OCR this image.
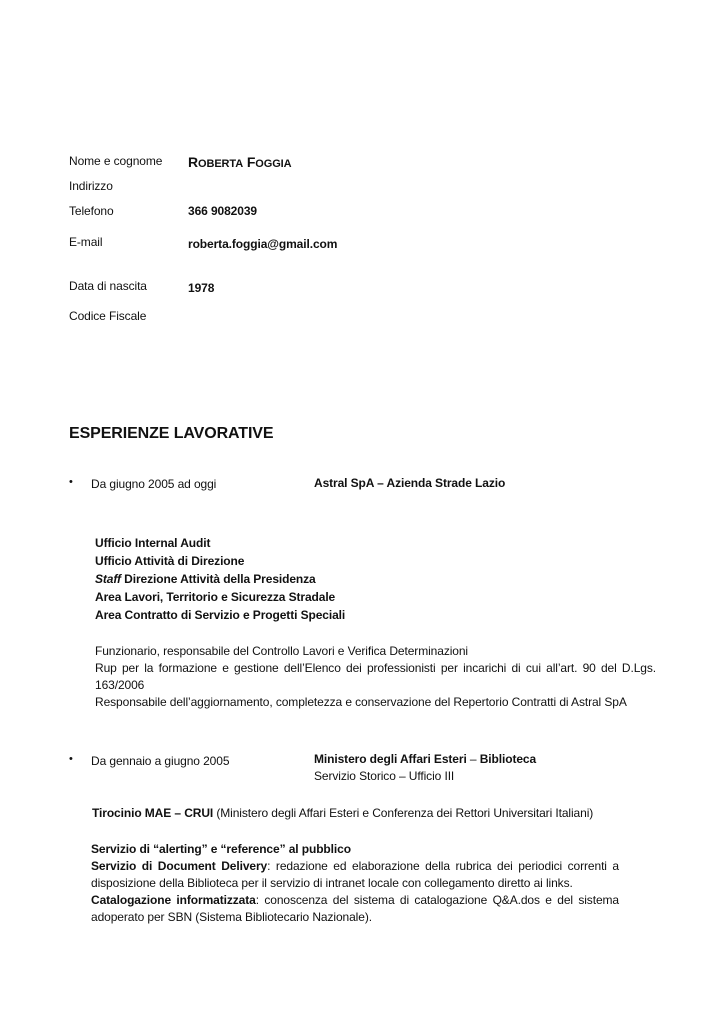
Nome e cognome ROBERTA FOGGIA
Indirizzo
Telefono	366 9082039
E-mail	roberta.foggia@gmail.com
Data di nascita	1978
Codice Fiscale
ESPERIENZE LAVORATIVE
• Da giugno 2005 ad oggi	Astral SpA – Azienda Strade Lazio
Ufficio Internal Audit
Ufficio Attività di Direzione
Staff Direzione Attività della Presidenza
Area Lavori, Territorio e Sicurezza Stradale
Area Contratto di Servizio e Progetti Speciali
Funzionario, responsabile del Controllo Lavori e Verifica Determinazioni
Rup per la formazione e gestione dell’Elenco dei professionisti per incarichi di cui all’art. 90 del D.Lgs. 163/2006
Responsabile dell’aggiornamento, completezza e conservazione del Repertorio Contratti di Astral SpA
• Da gennaio a giugno 2005	Ministero degli Affari Esteri – Biblioteca
Servizio Storico – Ufficio III
Tirocinio MAE – CRUI (Ministero degli Affari Esteri e Conferenza dei Rettori Universitari Italiani)
Servizio di “alerting” e “reference” al pubblico
Servizio di Document Delivery: redazione ed elaborazione della rubrica dei periodici correnti a disposizione della Biblioteca per il servizio di intranet locale con collegamento diretto ai links.
Catalogazione informatizzata: conoscenza del sistema di catalogazione Q&A.dos e del sistema adoperato per SBN (Sistema Bibliotecario Nazionale).
